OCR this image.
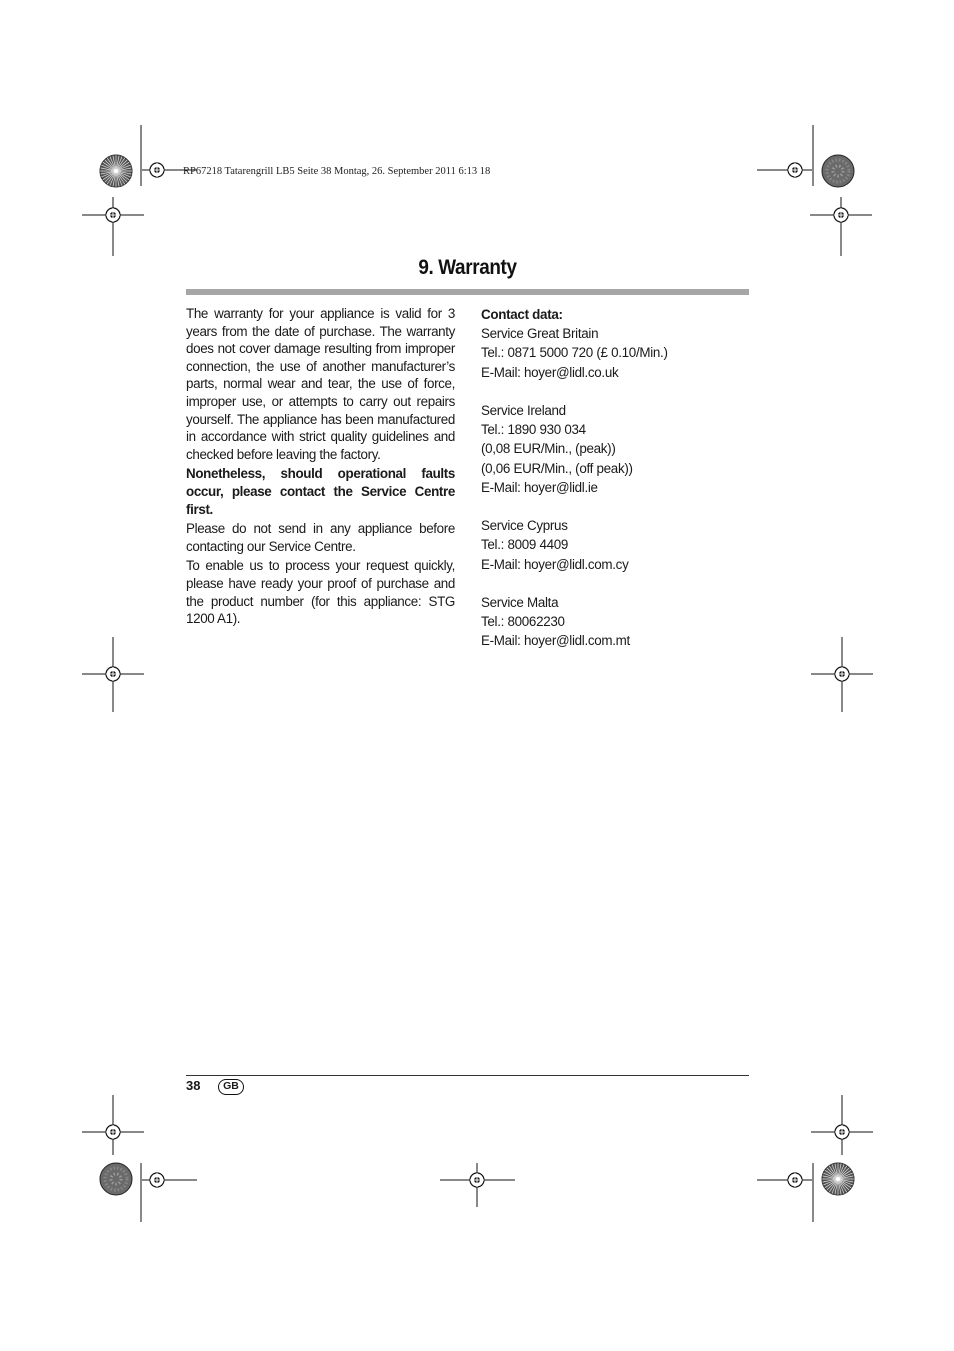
RP67218 Tatarengrill LB5 Seite 38 Montag, 26. September 2011 6:13 18
9. Warranty

The warranty for your appliance is valid for 3 years from the date of purchase. The warranty does not cover damage resulting from improper connection, the use of another manufacturer’s parts, normal wear and tear, the use of force, improper use, or attempts to carry out repairs yourself. The appliance has been manufactured in accordance with strict quality guidelines and checked before leaving the factory.

Nonetheless, should operational faults occur, please contact the Service Centre first.

Please do not send in any appliance before contacting our Service Centre.

To enable us to process your request quickly, please have ready your proof of purchase and the product number (for this appliance: STG 1200 A1).

Contact data:
Service Great Britain
Tel.: 0871 5000 720 (£ 0.10/Min.)
E-Mail: hoyer@lidl.co.uk
Service Ireland
Tel.: 1890 930 034
(0,08 EUR/Min., (peak))
(0,06 EUR/Min., (off peak))
E-Mail: hoyer@lidl.ie
Service Cyprus
Tel.: 8009 4409
E-Mail: hoyer@lidl.com.cy
Service Malta
Tel.: 80062230
E-Mail: hoyer@lidl.com.mt
38	GB
